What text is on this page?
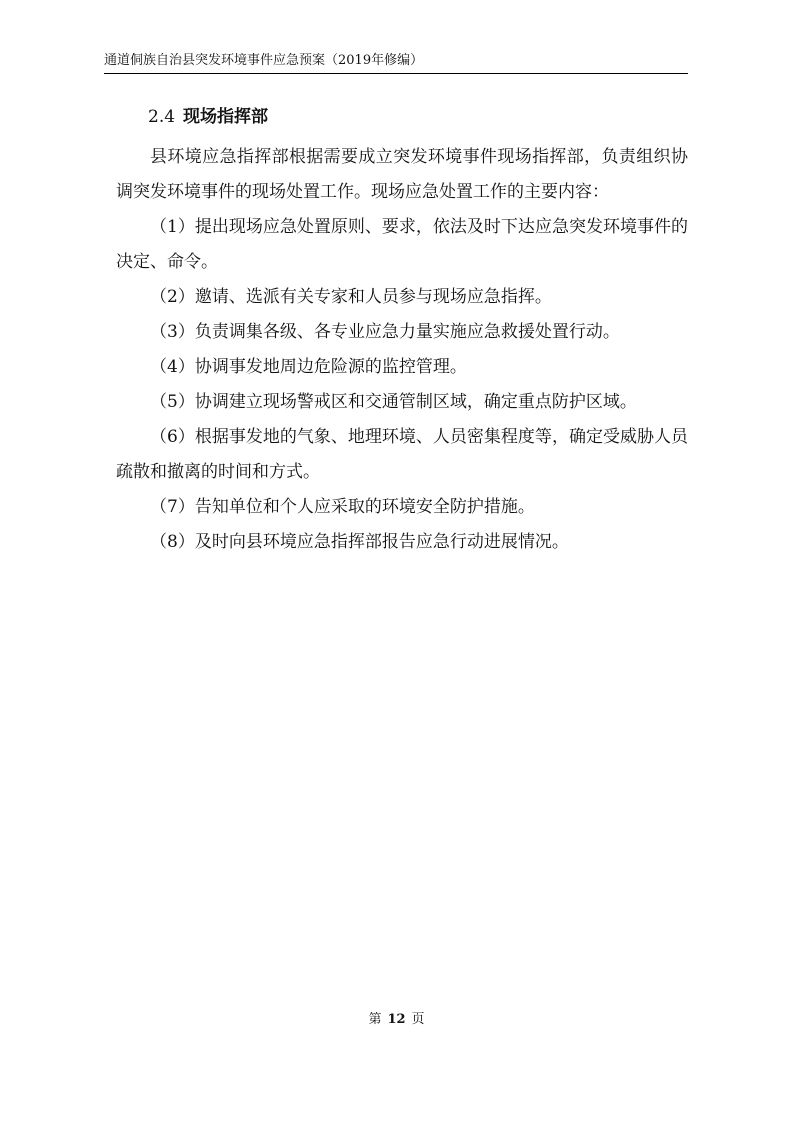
通道侗族自治县突发环境事件应急预案（2019年修编）
2.4 现场指挥部

县环境应急指挥部根据需要成立突发环境事件现场指挥部，负责组织协调突发环境事件的现场处置工作。现场应急处置工作的主要内容：

（1）提出现场应急处置原则、要求，依法及时下达应急突发环境事件的决定、命令。

（2）邀请、选派有关专家和人员参与现场应急指挥。

（3）负责调集各级、各专业应急力量实施应急救援处置行动。

（4）协调事发地周边危险源的监控管理。

（5）协调建立现场警戒区和交通管制区域，确定重点防护区域。

（6）根据事发地的气象、地理环境、人员密集程度等，确定受威胁人员疏散和撤离的时间和方式。

（7）告知单位和个人应采取的环境安全防护措施。

（8）及时向县环境应急指挥部报告应急行动进展情况。

第 12 页
